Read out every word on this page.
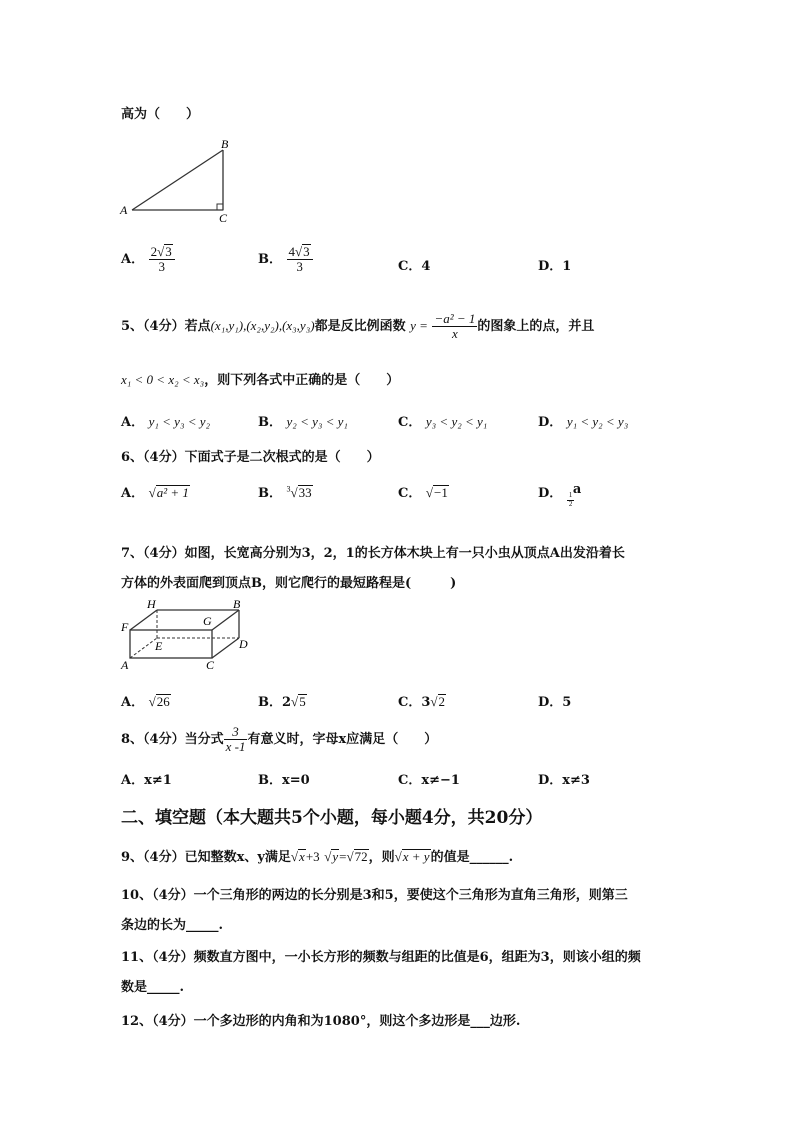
高为（　　）
A
B
C
A． $\frac{2√3}{3}$	B． $\frac{4√3}{3}$	C．4	D．1
5、（4分）若点(x₁,y₁),(x₂,y₂),(x₃,y₃)都是反比例函数 $y = \frac{\text{−a² − 1}}{x}$ 的图象上的点，并且
x₁ < 0 < x₂ < x₃，则下列各式中正确的是（　　）
A． y₁ < y₃ < y₂	B． y₂ < y₃ < y₁	C． y₃ < y₂ < y₁	D． y₁ < y₂ < y₃
6、（4分）下面式子是二次根式的是（　　）
A． √a² + 1	B． $^3$√33	C． √−1	D． $\frac{1}{2}$
a
7、（4分）如图，长宽高分别为3，2，1的长方体木块上有一只小虫从顶点A出发沿着长
方体的外表面爬到顶点B，则它爬行的最短路程是(　　　)
H	B
F	G
E	D
A	C
A． √26	B．2√5	C．3√2	D．5
8、（4分）当分式 $\frac{3}{x -1}$ 有意义时，字母x应满足（　　）
A．x≠1	B．x=0	C．x≠−1	D．x≠3
二、填空题（本大题共5个小题，每小题4分，共20分）
9、（4分）已知整数x、y满足√x+3 √y=√72，则√x + y的值是______.
10、（4分）一个三角形的两边的长分别是3和5，要使这个三角形为直角三角形，则第三
条边的长为_____.
11、（4分）频数直方图中，一小长方形的频数与组距的比值是6，组距为3，则该小组的频
数是_____.
12、（4分）一个多边形的内角和为1080°，则这个多边形是___边形.
